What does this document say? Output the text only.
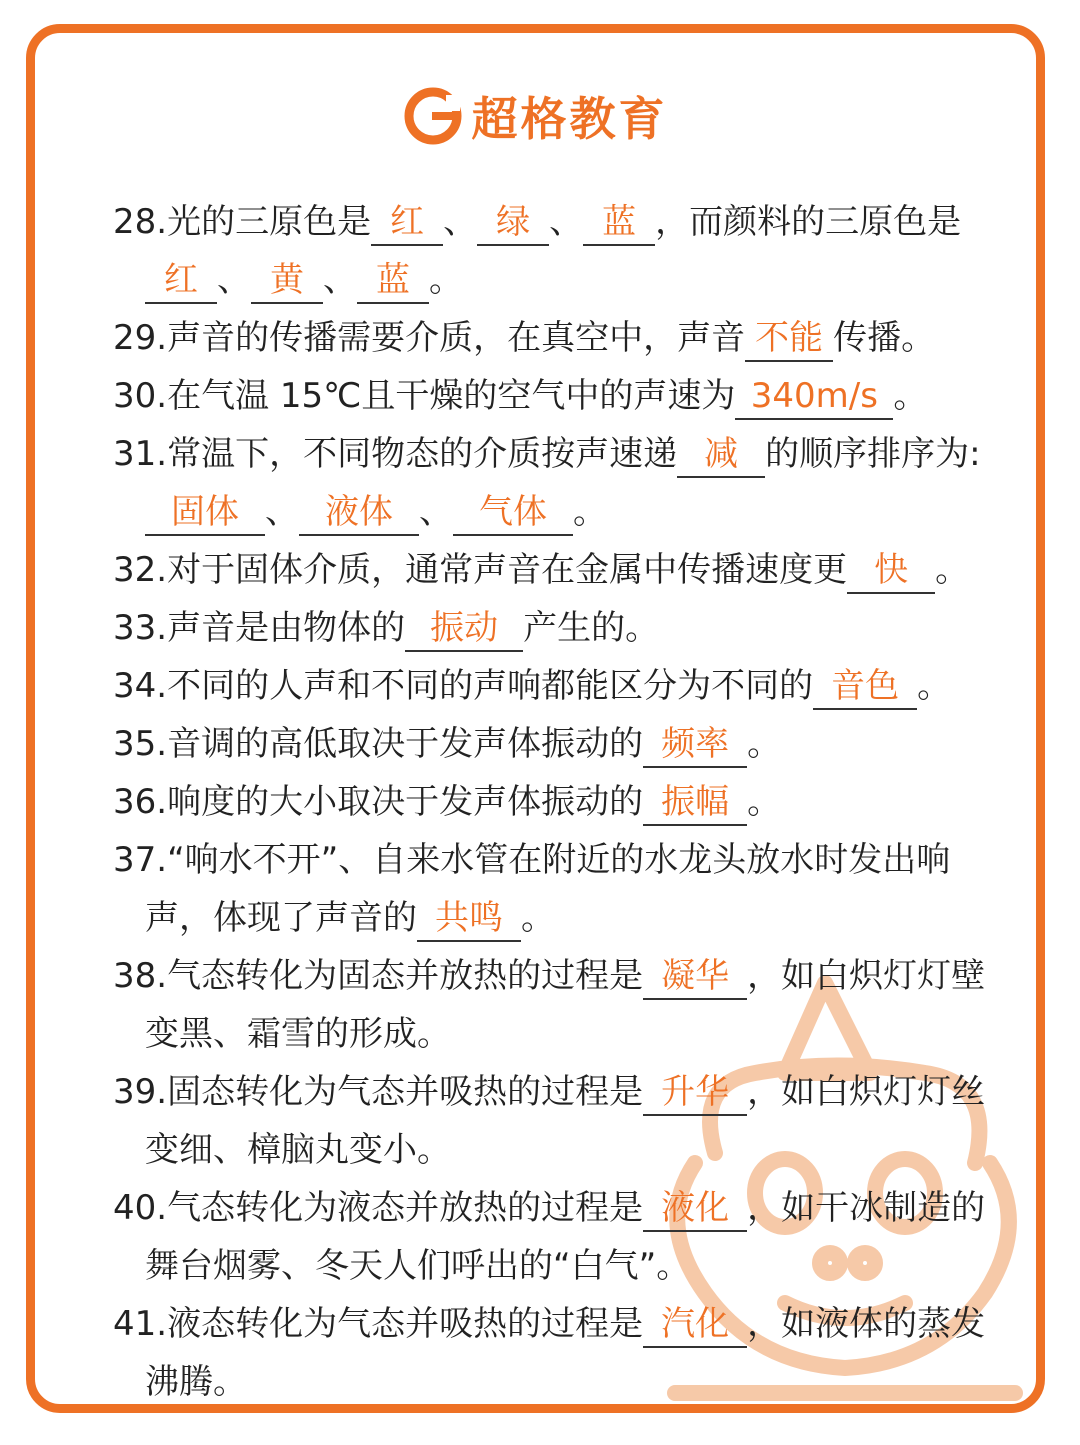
超格教育
28.光的三原色是 红 、 绿 、 蓝 ，而颜料的三原色是
红 、 黄 、 蓝 。
29.声音的传播需要介质，在真空中，声音 不能 传播。
30.在气温 15℃且干燥的空气中的声速为 340m/s 。
31.常温下，不同物态的介质按声速递 减 的顺序排序为:
固体 、 液体 、 气体 。
32.对于固体介质，通常声音在金属中传播速度更 快 。
33.声音是由物体的 振动 产生的。
34.不同的人声和不同的声响都能区分为不同的 音色 。
35.音调的高低取决于发声体振动的 频率 。
36.响度的大小取决于发声体振动的 振幅 。
37.“响水不开”、自来水管在附近的水龙头放水时发出响
声，体现了声音的 共鸣 。
38.气态转化为固态并放热的过程是 凝华 ，如白炽灯灯壁
变黑、霜雪的形成。
39.固态转化为气态并吸热的过程是 升华 ，如白炽灯灯丝
变细、樟脑丸变小。
40.气态转化为液态并放热的过程是 液化 ，如干冰制造的
舞台烟雾、冬天人们呼出的“白气”。
41.液态转化为气态并吸热的过程是 汽化 ，如液体的蒸发
沸腾。
